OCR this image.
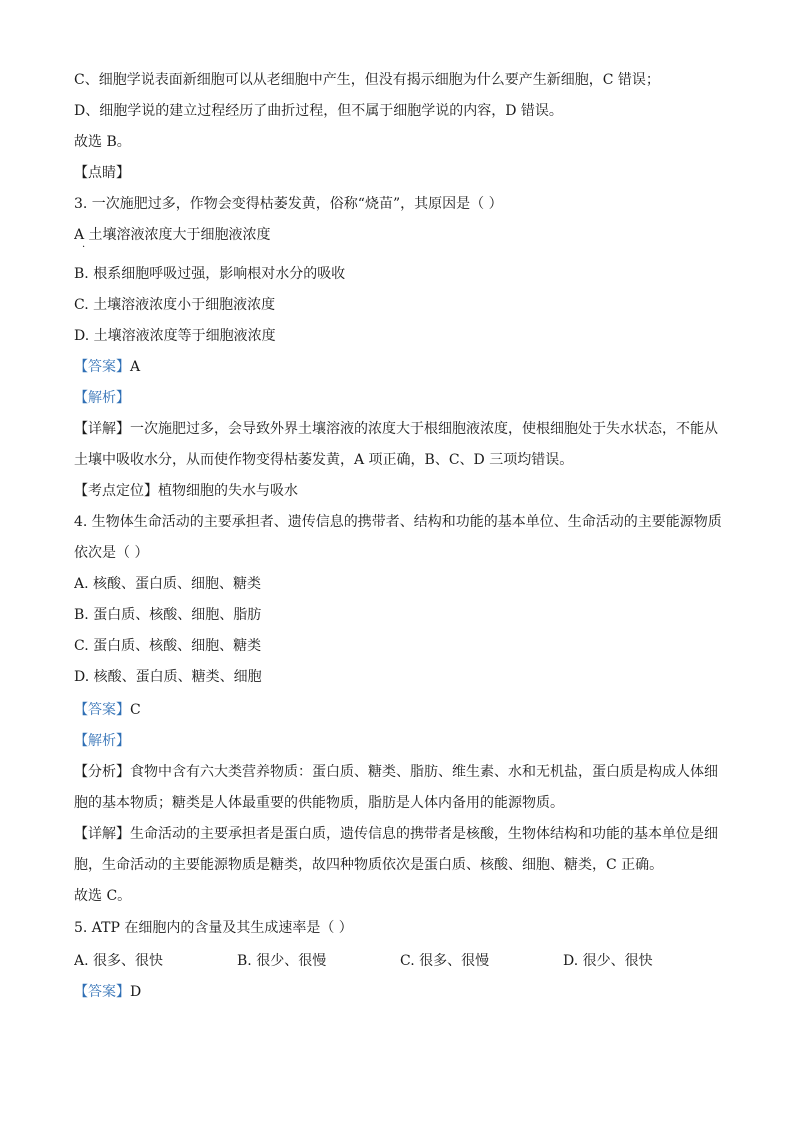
C、细胞学说表面新细胞可以从老细胞中产生，但没有揭示细胞为什么要产生新细胞，C 错误；
D、细胞学说的建立过程经历了曲折过程，但不属于细胞学说的内容，D 错误。
故选 B。
【点睛】
3. 一次施肥过多，作物会变得枯萎发黄，俗称“烧苗”，其原因是（ ）
A 土壤溶液浓度大于细胞液浓度
·
B. 根系细胞呼吸过强，影响根对水分的吸收
C. 土壤溶液浓度小于细胞液浓度
D. 土壤溶液浓度等于细胞液浓度
【答案】A
【解析】
【详解】一次施肥过多，会导致外界土壤溶液的浓度大于根细胞液浓度，使根细胞处于失水状态，不能从
土壤中吸收水分，从而使作物变得枯萎发黄，A 项正确，B、C、D 三项均错误。
【考点定位】植物细胞的失水与吸水
4. 生物体生命活动的主要承担者、遗传信息的携带者、结构和功能的基本单位、生命活动的主要能源物质
依次是（ ）
A. 核酸、蛋白质、细胞、糖类
B. 蛋白质、核酸、细胞、脂肪
C. 蛋白质、核酸、细胞、糖类
D. 核酸、蛋白质、糖类、细胞
【答案】C
【解析】
【分析】食物中含有六大类营养物质：蛋白质、糖类、脂肪、维生素、水和无机盐，蛋白质是构成人体细
胞的基本物质；糖类是人体最重要的供能物质，脂肪是人体内备用的能源物质。
【详解】生命活动的主要承担者是蛋白质，遗传信息的携带者是核酸，生物体结构和功能的基本单位是细
胞，生命活动的主要能源物质是糖类，故四种物质依次是蛋白质、核酸、细胞、糖类，C 正确。
故选 C。
5. ATP 在细胞内的含量及其生成速率是（ ）
A. 很多、很快	B. 很少、很慢	C. 很多、很慢	D. 很少、很快
【答案】D
